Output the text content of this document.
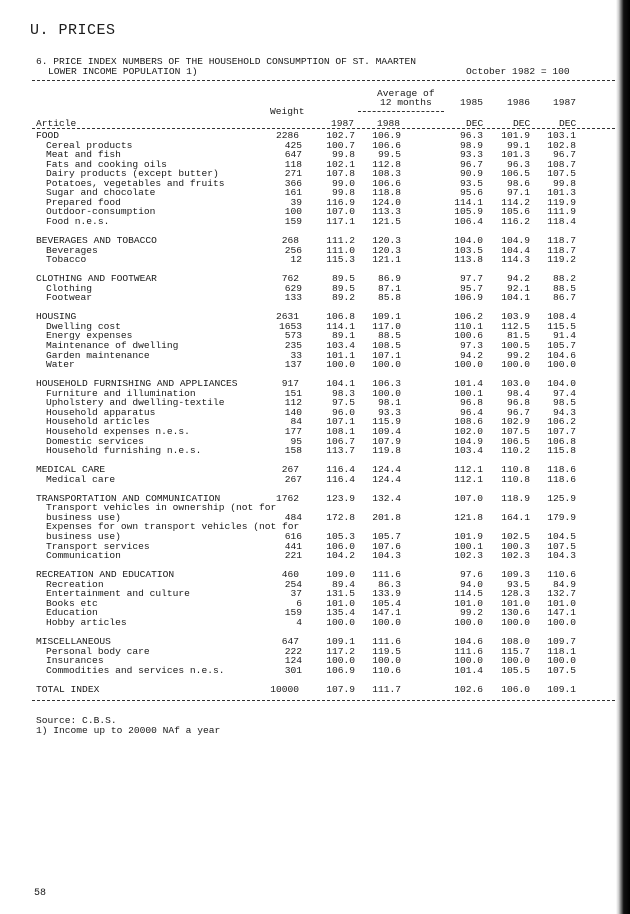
U. PRICES
6. PRICE INDEX NUMBERS OF THE HOUSEHOLD CONSUMPTION OF ST. MAARTEN
LOWER INCOME POPULATION 1)	October 1982 = 100
Average of
12 months	1985 1986 1987
Weight
Article	1987 1988	DEC	DEC	DEC
FOOD	2286	102.7 106.9	96.3 101.9 103.1
Cereal products	425	100.7 106.6	98.9 99.1 102.8
Meat and fish	647	99.8 99.5	93.3 101.3 96.7
Fats and cooking oils	118	102.1 112.8	96.7 96.3 108.7
Dairy products (except butter)	271	107.8 108.3	90.9 106.5 107.5
Potatoes, vegetables and fruits	366	99.0 106.6	93.5 98.6 99.8
Sugar and chocolate	161	99.8 118.8	95.6 97.1 101.3
Prepared food	39	116.9 124.0	114.1 114.2 119.9
Outdoor-consumption	100	107.0 113.3	105.9 105.6 111.9
Food n.e.s.	159	117.1 121.5	106.4 116.2 118.4
BEVERAGES AND TOBACCO	268	111.2 120.3	104.0 104.9 118.7
Beverages	256	111.0 120.3	103.5 104.4 118.7
Tobacco	12	115.3 121.1	113.8 114.3 119.2
CLOTHING AND FOOTWEAR	762	89.5 86.9	97.7 94.2 88.2
Clothing	629	89.5 87.1	95.7 92.1 88.5
Footwear	133	89.2 85.8	106.9 104.1 86.7
HOUSING	2631	106.8 109.1	106.2 103.9 108.4
Dwelling cost	1653	114.1 117.0	110.1 112.5 115.5
Energy expenses	573	89.1 88.5	100.6 81.5 91.4
Maintenance of dwelling	235	103.4 108.5	97.3 100.5 105.7
Garden maintenance	33	101.1 107.1	94.2 99.2 104.6
Water	137	100.0 100.0	100.0 100.0 100.0
HOUSEHOLD FURNISHING AND APPLIANCES	917	104.1 106.3	101.4 103.0 104.0
Furniture and illumination	151	98.3 100.0	100.1 98.4 97.4
Upholstery and dwelling-textile	112	97.5 98.1	96.8 96.8 98.5
Household apparatus	140	96.0 93.3	96.4 96.7 94.3
Household articles	84	107.1 115.9	108.6 102.9 106.2
Household expenses n.e.s.	177	108.1 109.4	102.0 107.5 107.7
Domestic services	95	106.7 107.9	104.9 106.5 106.8
Household furnishing n.e.s.	158	113.7 119.8	103.4 110.2 115.8
MEDICAL CARE	267	116.4 124.4	112.1 110.8 118.6
Medical care	267	116.4 124.4	112.1 110.8 118.6
TRANSPORTATION AND COMMUNICATION	1762	123.9 132.4	107.0 118.9 125.9
Transport vehicles in ownership (not for
business use)	484	172.8 201.8	121.8 164.1 179.9
Expenses for own transport vehicles (not for
business use)	616	105.3 105.7	101.9 102.5 104.5
Transport services	441	106.0 107.6	100.1 100.3 107.5
Communication	221	104.2 104.3	102.3 102.3 104.3
RECREATION AND EDUCATION	460	109.0 111.6	97.6 109.3 110.6
Recreation	254	89.4 86.3	94.0 93.5 84.9
Entertainment and culture	37	131.5 133.9	114.5 128.3 132.7
Books etc	6	101.0 105.4	101.0 101.0 101.0
Education	159	135.4 147.1	99.2 130.6 147.1
Hobby articles	4	100.0 100.0	100.0 100.0 100.0
MISCELLANEOUS	647	109.1 111.6	104.6 108.0 109.7
Personal body care	222	117.2 119.5	111.6 115.7 118.1
Insurances	124	100.0 100.0	100.0 100.0 100.0
Commodities and services n.e.s.	301	106.9 110.6	101.4 105.5 107.5
TOTAL INDEX	10000	107.9 111.7	102.6 106.0 109.1
Source: C.B.S.
1) Income up to 20000 NAf a year
58
